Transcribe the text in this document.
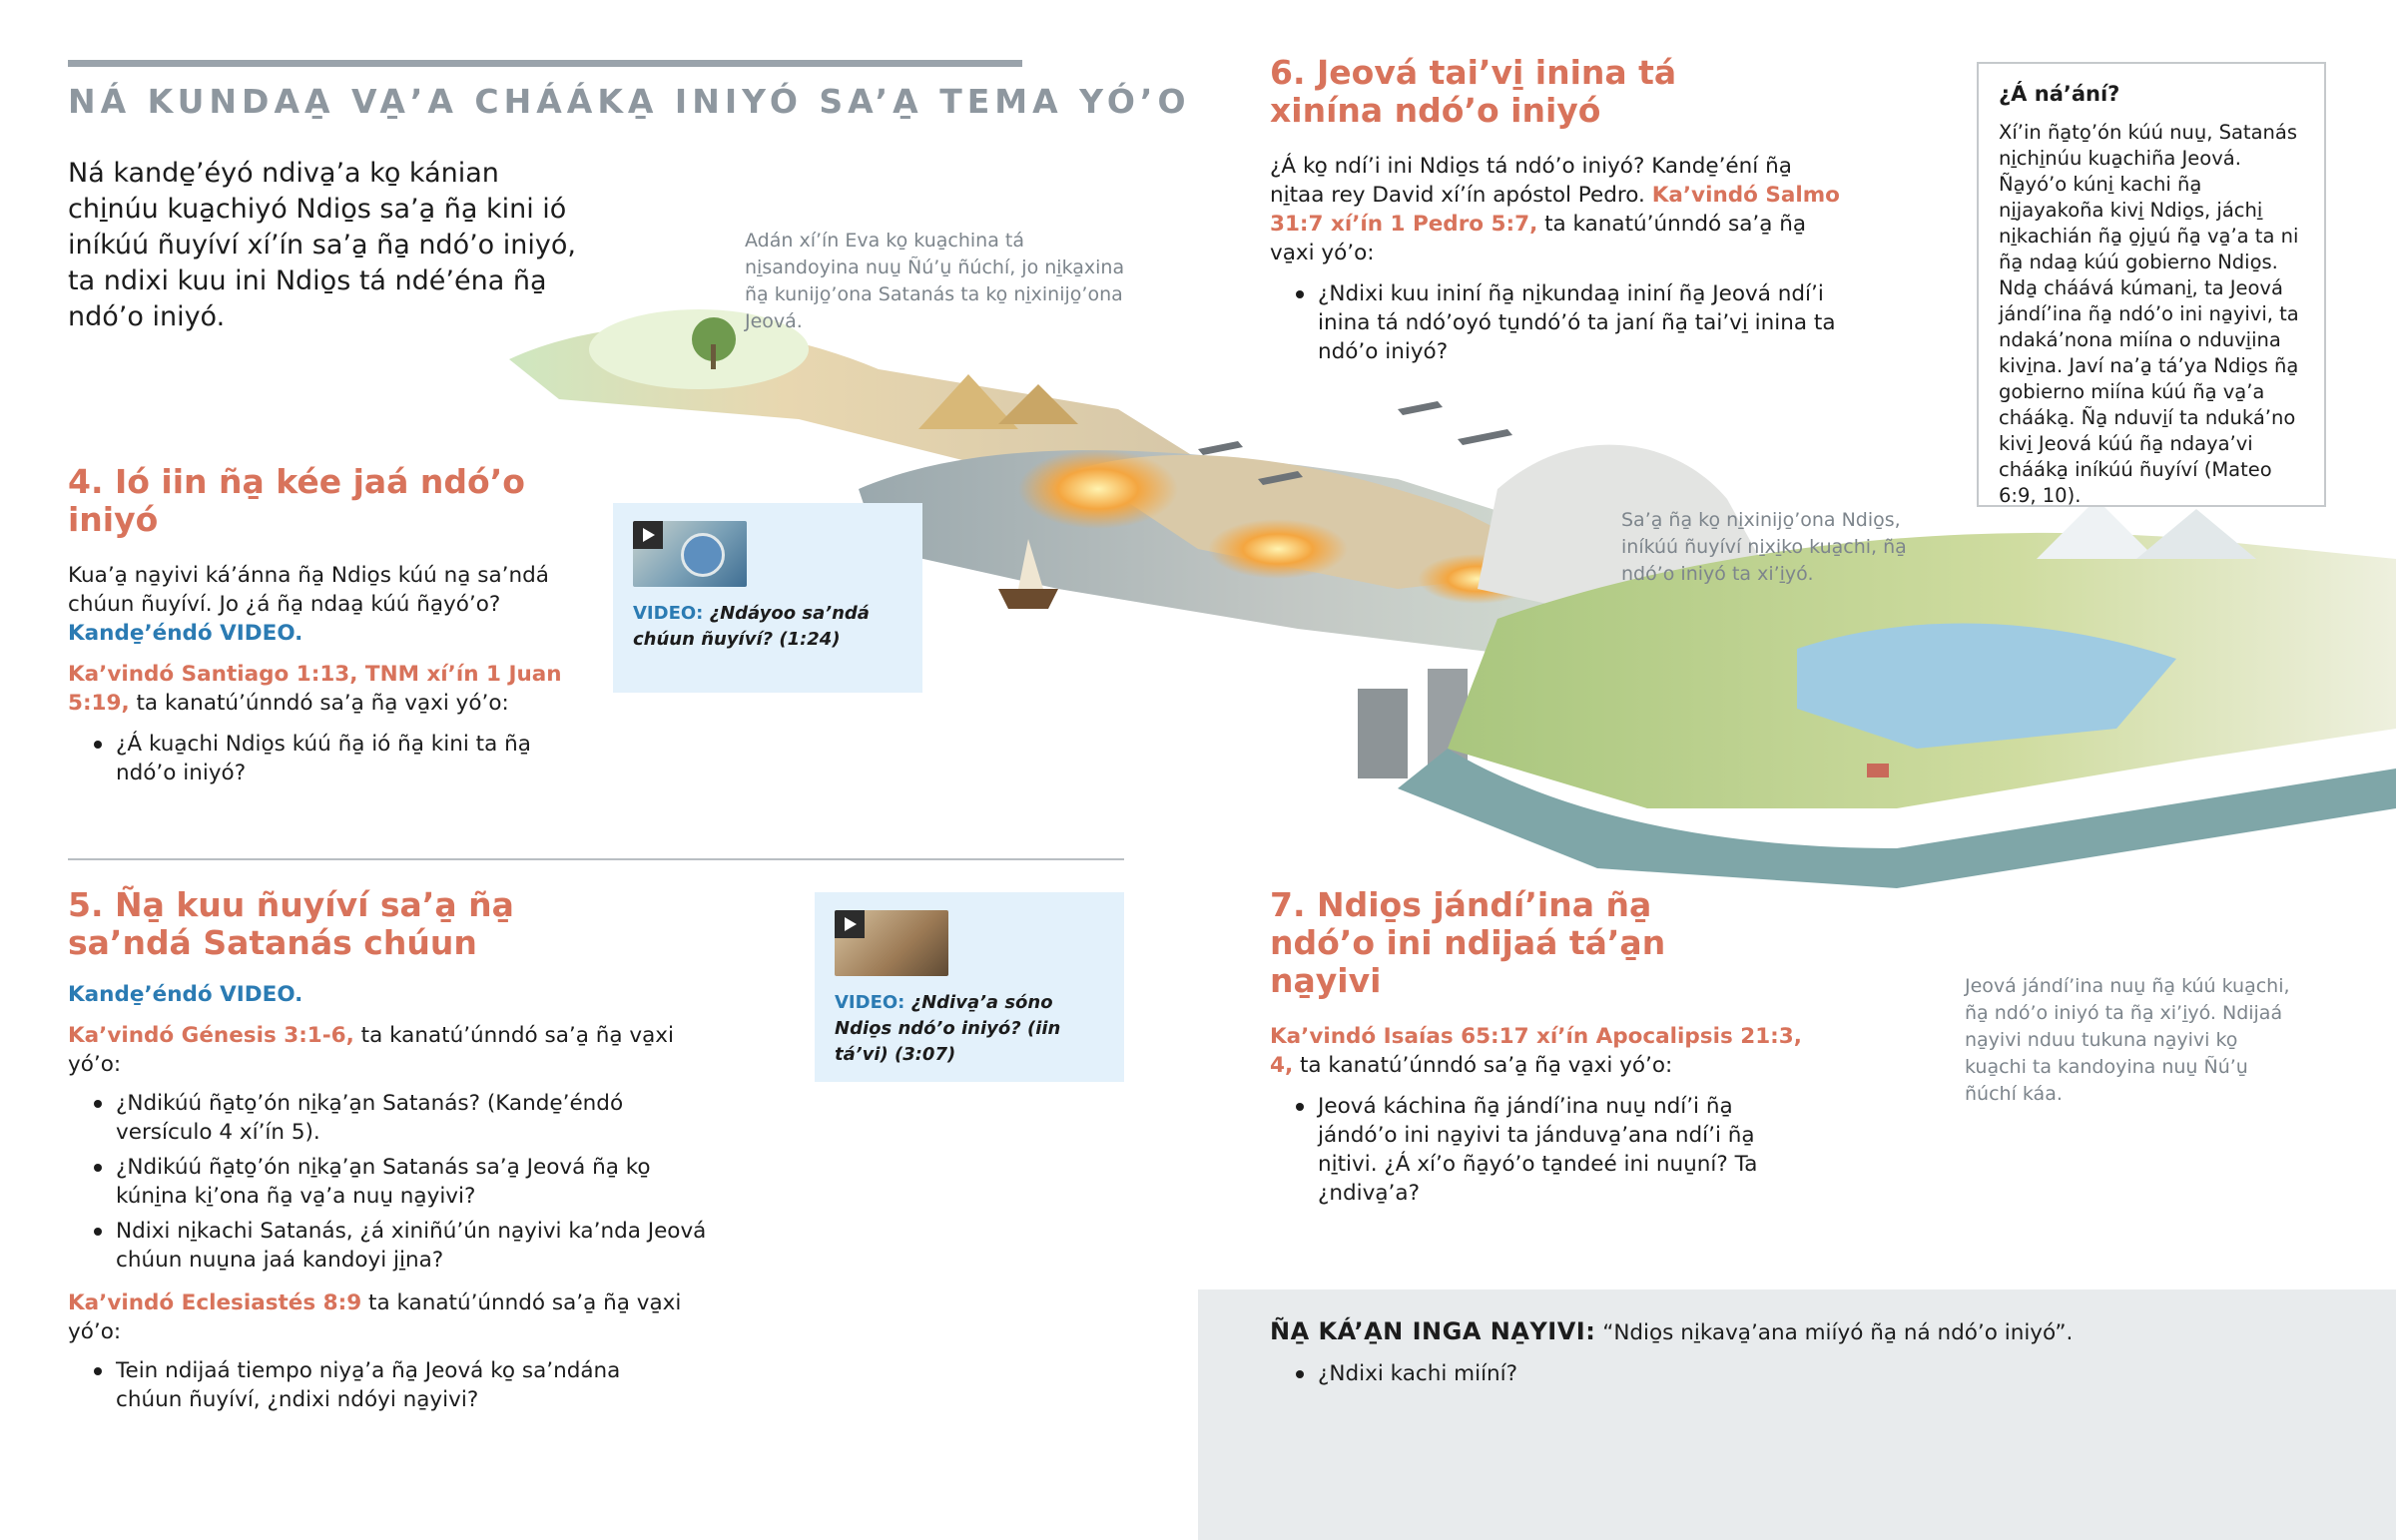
NÁ KUNDAA̱ VA̱’A CHÁÁKA̱ INIYÓ SA’A̱ TEMA YÓ’O
Ná kande̱’éyó ndiva̱’a ko̱ kánian chi̱núu kua̱chiyó Ndio̱s sa’a̱ ña̱ kini ió iníkúú ñuyíví xí’ín sa’a̱ ña̱ ndó’o iniyó, ta ndixi kuu ini Ndio̱s tá ndé’éna ña̱ ndó’o iniyó.
Adán xí’ín Eva ko̱ kua̱china tá ni̱sandoyina nuu̱ Ñú’u̱ ñúchí, jo ni̱ka̱xina ña̱ kunijo̱’ona Satanás ta ko̱ ni̱xinijo̱’ona Jeová.
Sa’a̱ ña̱ ko̱ ni̱xinijo̱’ona Ndio̱s, iníkúú ñuyíví ni̱xi̱ko kua̱chi, ña̱ ndó’o iniyó ta xi’i̱yó.
Jeová jándí’ina nuu̱ ña̱ kúú kua̱chi, ña̱ ndó’o iniyó ta ña̱ xi’i̱yó. Ndijaá na̱yivi nduu tukuna na̱yivi ko̱ kua̱chi ta kandoyina nuu̱ Ñú’u̱ ñúchí káa.
4. Ió iin ña̱ kée jaá ndó’o iniyó
Kua’a̱ na̱yivi ká’ánna ña̱ Ndio̱s kúú na̱ sa’ndá chúun ñuyíví. Jo ¿á ña̱ ndaa̱ kúú ña̱yó’o?
Kande̱’éndó VIDEO.
Ka’vindó Santiago 1:13, TNM xí’ín 1 Juan 5:19, ta kanatú’únndó sa’a̱ ña̱ va̱xi yó’o:
¿Á kua̱chi Ndio̱s kúú ña̱ ió ña̱ kini ta ña̱ ndó’o iniyó?
VIDEO: ¿Ndáyoo sa’ndá chúun ñuyíví? (1:24)
5. Ña̱ kuu ñuyíví sa’a̱ ña̱ sa’ndá Satanás chúun
Kande̱’éndó VIDEO.
Ka’vindó Génesis 3:1-6, ta kanatú’únndó sa’a̱ ña̱ va̱xi yó’o:
¿Ndikúú ña̱to̱’ón ni̱ka̱’a̱n Satanás? (Kande̱’éndó versículo 4 xí’ín 5).
¿Ndikúú ña̱to̱’ón ni̱ka̱’a̱n Satanás sa’a̱ Jeová ña̱ ko̱ kúni̱na ki̱’ona ña̱ va̱’a nuu̱ na̱yivi?
Ndixi ni̱kachi Satanás, ¿á xiniñú’ún na̱yivi ka’nda Jeová chúun nuu̱na jaá kandoyi ji̱na?
Ka’vindó Eclesiastés 8:9 ta kanatú’únndó sa’a̱ ña̱ va̱xi yó’o:
Tein ndijaá tiempo niya̱’a ña̱ Jeová ko̱ sa’ndána chúun ñuyíví, ¿ndixi ndóyi na̱yivi?
VIDEO: ¿Ndiva̱’a sóno Ndio̱s ndó’o iniyó? (iin tá’vi) (3:07)
6. Jeová tai’vi̱ inina tá xinína ndó’o iniyó
¿Á ko̱ ndí’i ini Ndio̱s tá ndó’o iniyó? Kande̱’éní ña̱ ni̱taa rey David xí’ín apóstol Pedro. Ka’vindó Salmo 31:7 xí’ín 1 Pedro 5:7, ta kanatú’únndó sa’a̱ ña̱ va̱xi yó’o:
¿Ndixi kuu ininí ña̱ ni̱kundaa̱ ininí ña̱ Jeová ndí’i inina tá ndó’oyó tu̱ndó’ó ta janí ña̱ tai’vi̱ inina ta ndó’o iniyó?
¿Á ná’ání?

Xí’in ña̱to̱’ón kúú nuu̱, Satanás ni̱chi̱núu kua̱chiña Jeová. Ña̱yó’o kúni̱ kachi ña̱ ni̱jayakoña kivi̱ Ndio̱s, jáchi̱ ni̱kachián ña̱ o̱ju̱ú ña̱ va̱’a ta ni ña̱ ndaa̱ kúú gobierno Ndio̱s. Nda̱ cháává kúmani̱, ta Jeová jándí’ina ña̱ ndó’o ini na̱yivi, ta ndaká’nona miína o nduvi̱ina kivi̱na. Javí na’a̱ tá’ya Ndio̱s ña̱ gobierno miína kúú ña̱ va̱’a cháákа̱. Ña̱ nduvi̱í ta nduká’no kivi̱ Jeová kúú ña̱ ndaya’vi chááka̱ iníkúú ñuyíví (Mateo 6:9, 10).

7. Ndio̱s jándí’ina ña̱ ndó’o ini ndijaá tá’a̱n na̱yivi
Ka’vindó Isaías 65:17 xí’ín Apocalipsis 21:3, 4, ta kanatú’únndó sa’a̱ ña̱ va̱xi yó’o:
Jeová káchina ña̱ jándí’ina nuu̱ ndí’i ña̱ jándó’o ini na̱yivi ta jánduva̱’ana ndí’i ña̱ ni̱tivi. ¿Á xí’o ña̱yó’o ta̱ndeé ini nuu̱ní? Ta ¿ndiva̱’a?
ÑA̱ KÁ’A̱N INGA NA̱YIVI: “Ndio̱s ni̱kava̱’ana miíyó ña̱ ná ndó’o iniyó”.
¿Ndixi kachi miíní?
